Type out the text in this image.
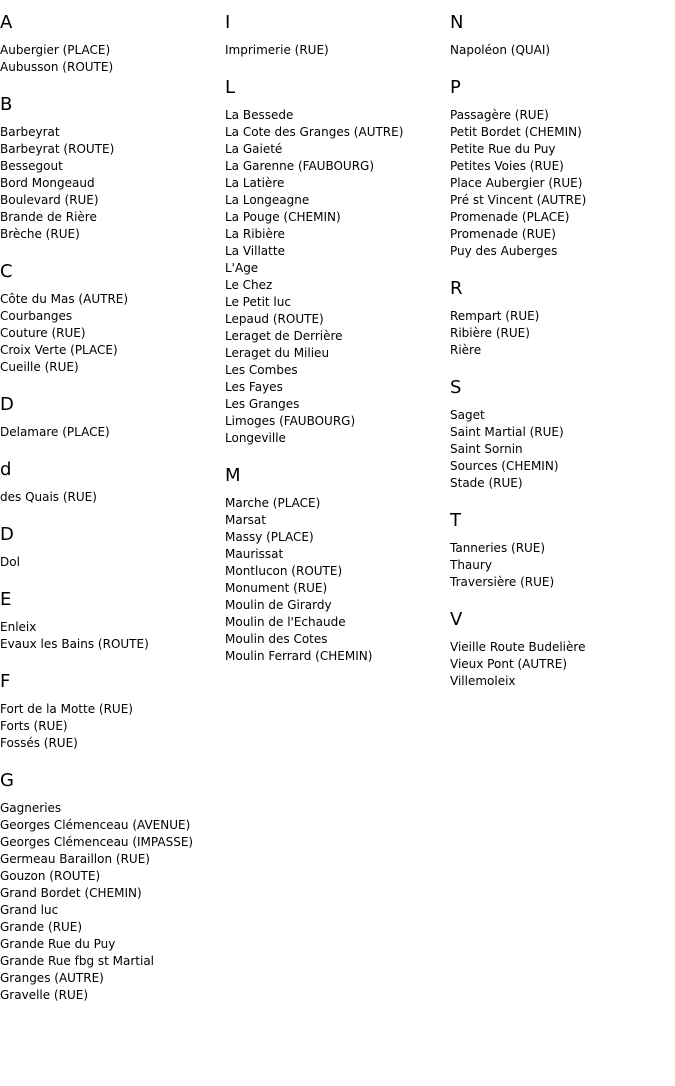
A
Aubergier (PLACE)
Aubusson (ROUTE)
B
Barbeyrat
Barbeyrat (ROUTE)
Bessegout
Bord Mongeaud
Boulevard (RUE)
Brande de Rière
Brèche (RUE)
C
Côte du Mas (AUTRE)
Courbanges
Couture (RUE)
Croix Verte (PLACE)
Cueille (RUE)
D
Delamare (PLACE)
d
des Quais (RUE)
D
Dol
E
Enleix
Evaux les Bains (ROUTE)
F
Fort de la Motte (RUE)
Forts (RUE)
Fossés (RUE)
G
Gagneries
Georges Clémenceau (AVENUE)
Georges Clémenceau (IMPASSE)
Germeau Baraillon (RUE)
Gouzon (ROUTE)
Grand Bordet (CHEMIN)
Grand luc
Grande (RUE)
Grande Rue du Puy
Grande Rue fbg st Martial
Granges (AUTRE)
Gravelle (RUE)
I
Imprimerie (RUE)
L
La Bessede
La Cote des Granges (AUTRE)
La Gaieté
La Garenne (FAUBOURG)
La Latière
La Longeagne
La Pouge (CHEMIN)
La Ribière
La Villatte
L'Age
Le Chez
Le Petit luc
Lepaud (ROUTE)
Leraget de Derrière
Leraget du Milieu
Les Combes
Les Fayes
Les Granges
Limoges (FAUBOURG)
Longeville
M
Marche (PLACE)
Marsat
Massy (PLACE)
Maurissat
Montlucon (ROUTE)
Monument (RUE)
Moulin de Girardy
Moulin de l'Echaude
Moulin des Cotes
Moulin Ferrard (CHEMIN)
N
Napoléon (QUAI)
P
Passagère (RUE)
Petit Bordet (CHEMIN)
Petite Rue du Puy
Petites Voies (RUE)
Place Aubergier (RUE)
Pré st Vincent (AUTRE)
Promenade (PLACE)
Promenade (RUE)
Puy des Auberges
R
Rempart (RUE)
Ribière (RUE)
Rière
S
Saget
Saint Martial (RUE)
Saint Sornin
Sources (CHEMIN)
Stade (RUE)
T
Tanneries (RUE)
Thaury
Traversière (RUE)
V
Vieille Route Budelière
Vieux Pont (AUTRE)
Villemoleix
